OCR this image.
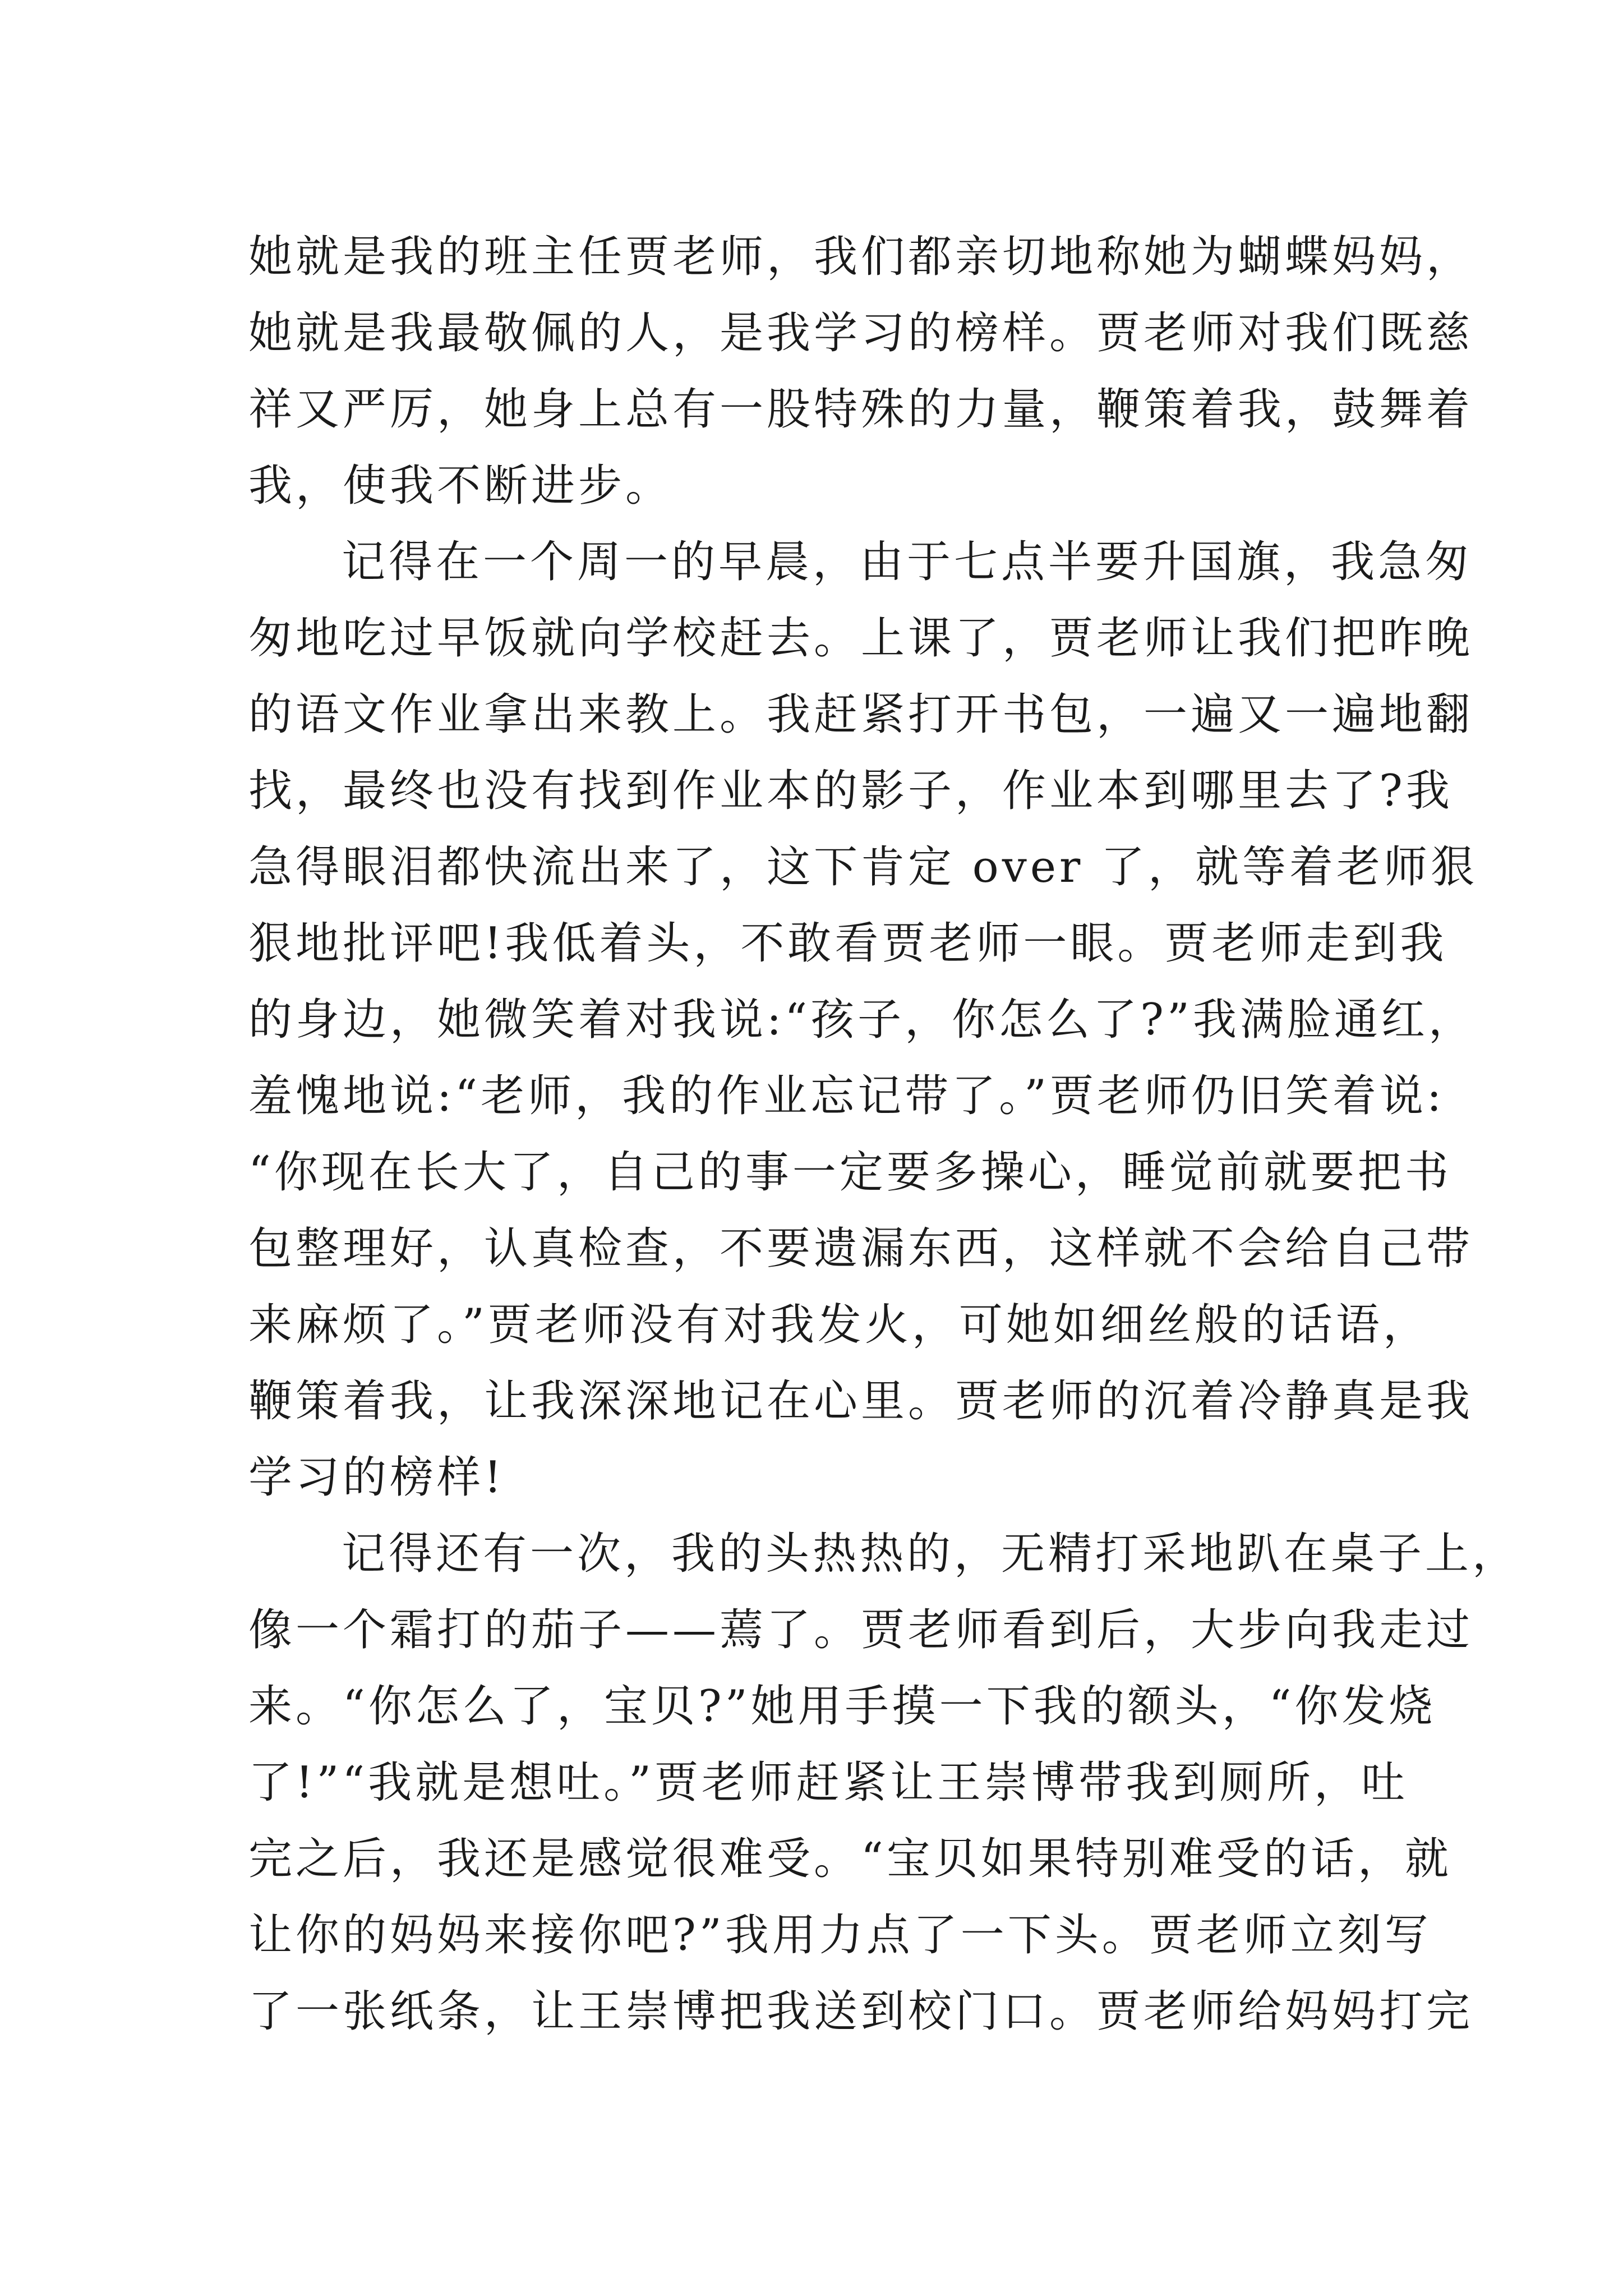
她就是我的班主任贾老师，我们都亲切地称她为蝴蝶妈妈，
她就是我最敬佩的人，是我学习的榜样。贾老师对我们既慈
祥又严厉，她身上总有一股特殊的力量，鞭策着我，鼓舞着
我，使我不断进步。
记得在一个周一的早晨，由于七点半要升国旗，我急匆
匆地吃过早饭就向学校赶去。上课了，贾老师让我们把昨晚
的语文作业拿出来教上。我赶紧打开书包，一遍又一遍地翻
找，最终也没有找到作业本的影子，作业本到哪里去了?我
急得眼泪都快流出来了，这下肯定 over 了，就等着老师狠
狠地批评吧!我低着头，不敢看贾老师一眼。贾老师走到我
的身边，她微笑着对我说:“孩子，你怎么了?”我满脸通红，
羞愧地说:“老师，我的作业忘记带了。”贾老师仍旧笑着说:
“你现在长大了，自己的事一定要多操心，睡觉前就要把书
包整理好，认真检查，不要遗漏东西，这样就不会给自己带
来麻烦了。”贾老师没有对我发火，可她如细丝般的话语，
鞭策着我，让我深深地记在心里。贾老师的沉着冷静真是我
学习的榜样!
记得还有一次，我的头热热的，无精打采地趴在桌子上，
像一个霜打的茄子——蔫了。贾老师看到后，大步向我走过
来。“你怎么了，宝贝?”她用手摸一下我的额头，“你发烧
了!”“我就是想吐。”贾老师赶紧让王崇博带我到厕所，吐
完之后，我还是感觉很难受。“宝贝如果特别难受的话，就
让你的妈妈来接你吧?”我用力点了一下头。贾老师立刻写
了一张纸条，让王崇博把我送到校门口。贾老师给妈妈打完
